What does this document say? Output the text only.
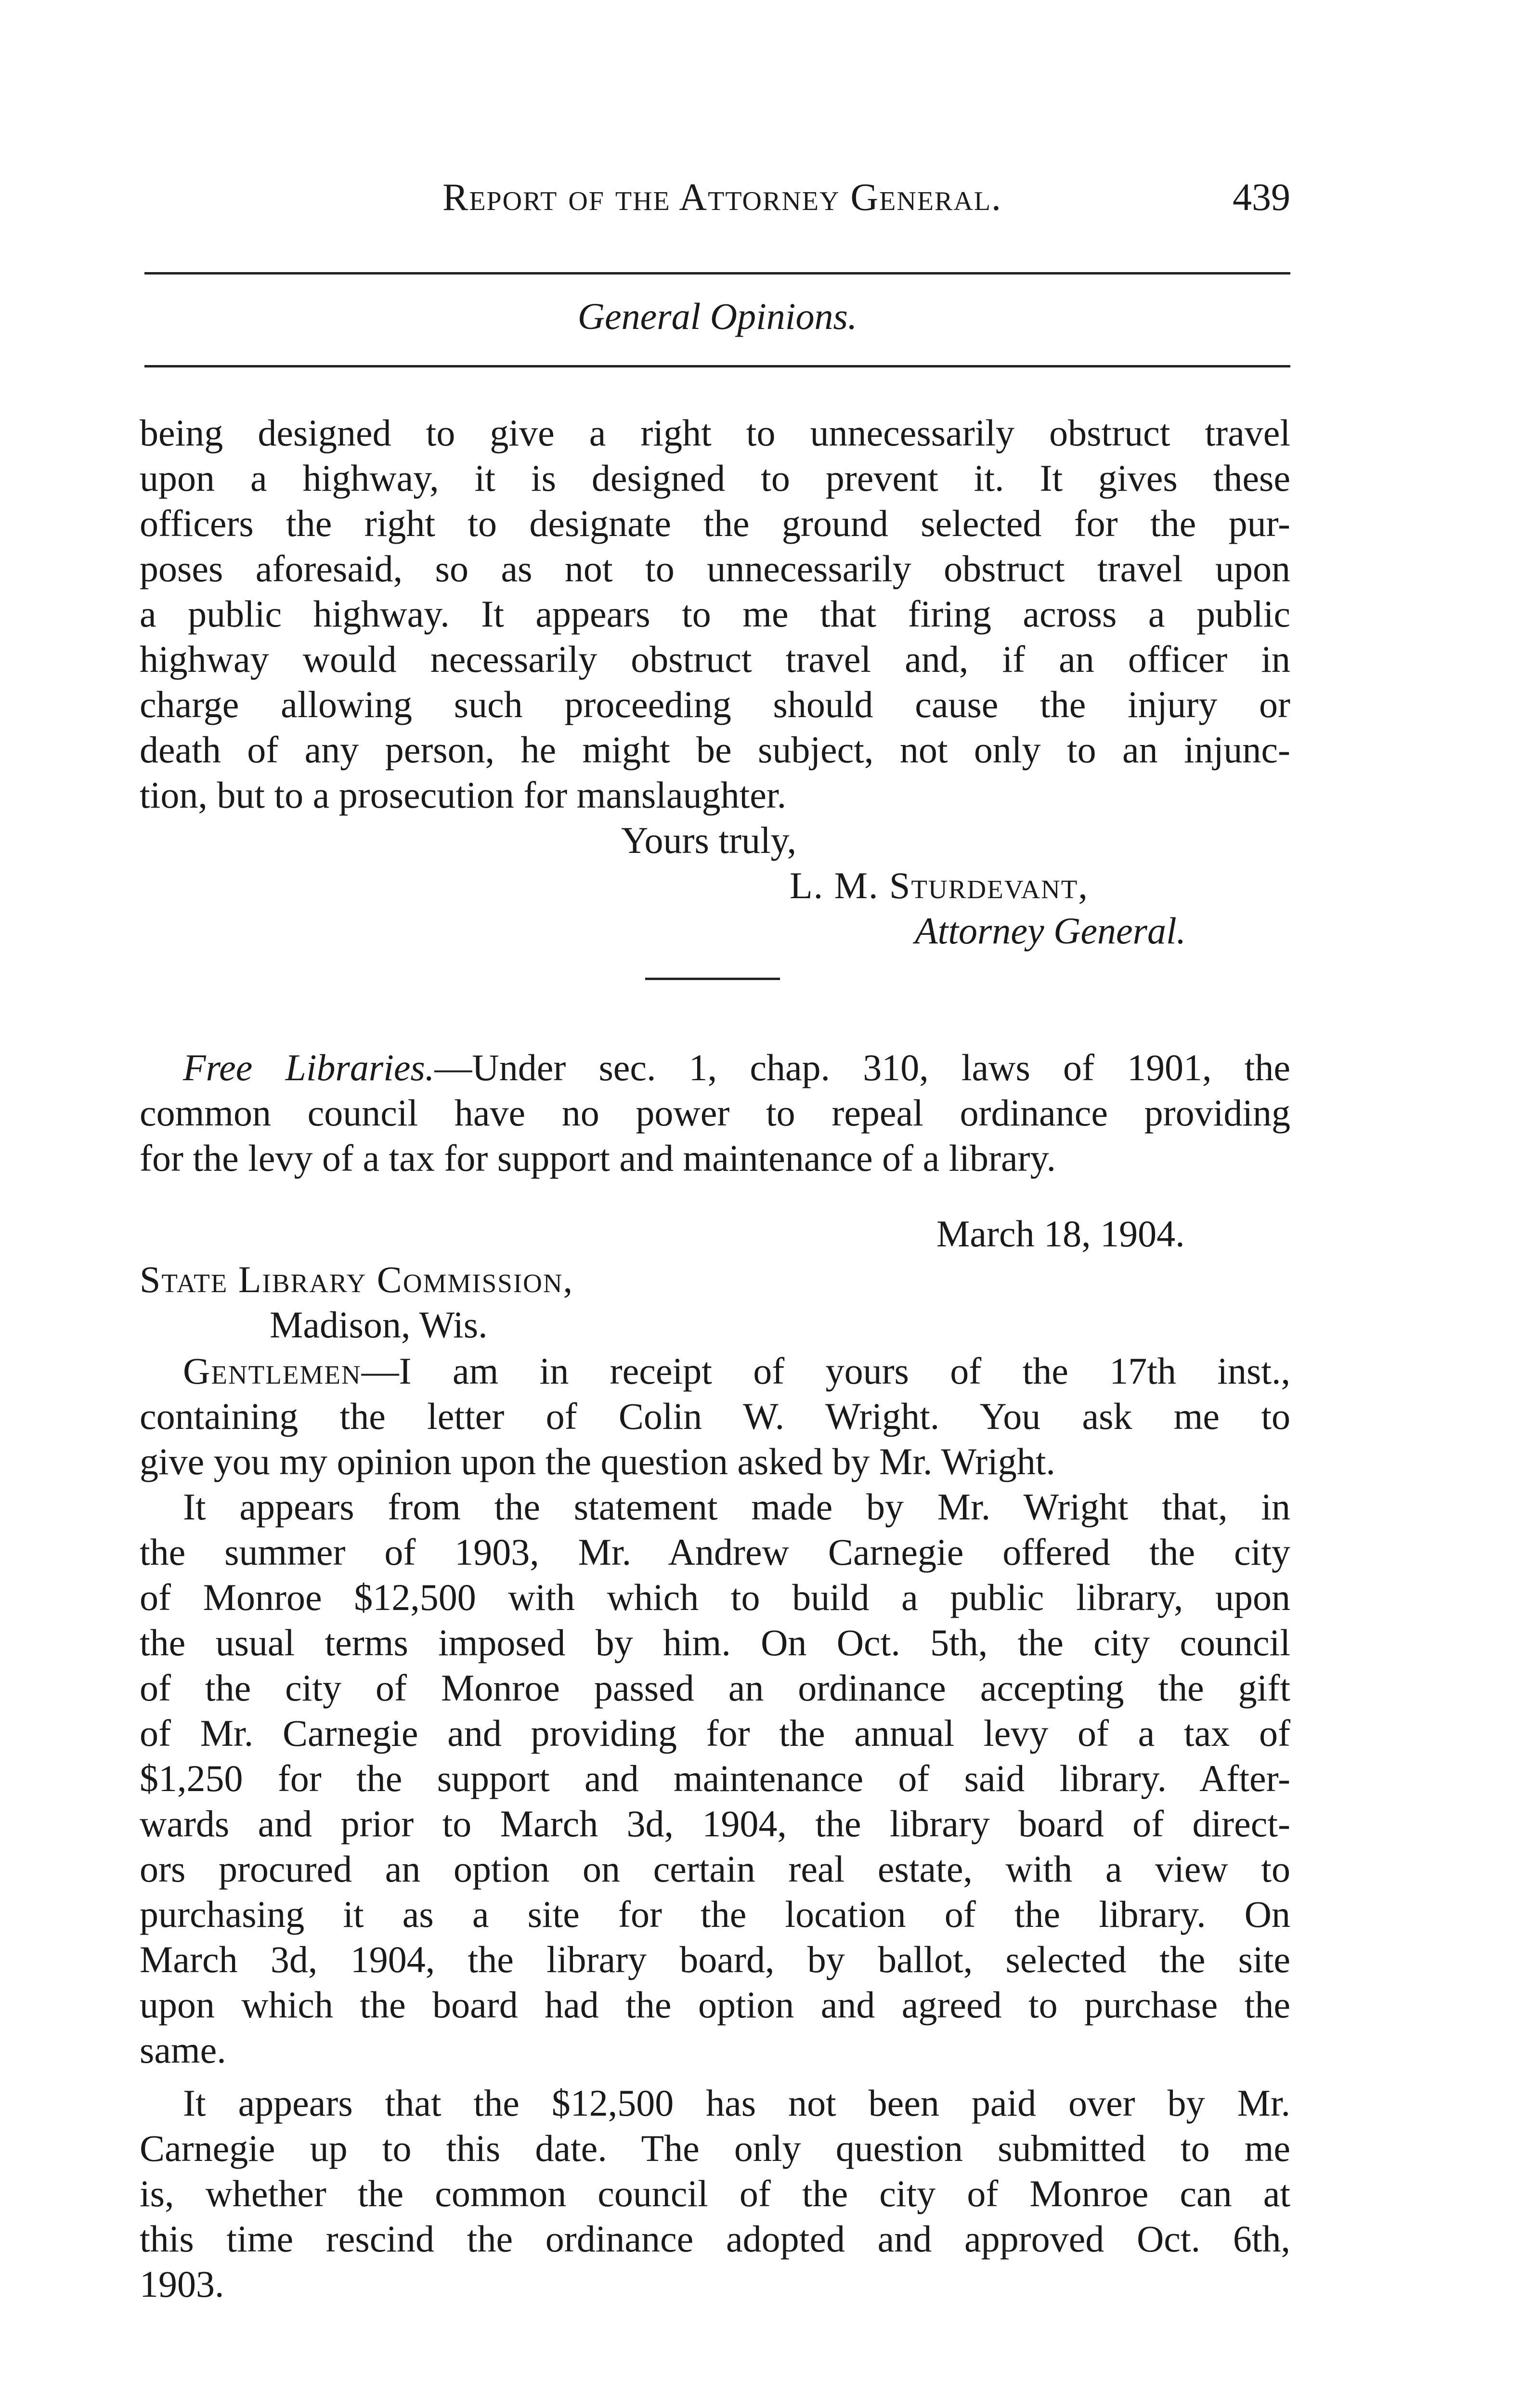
Report of the Attorney General.	439
General Opinions.
being designed to give a right to unnecessarily obstruct travel
upon a highway, it is designed to prevent it. It gives these
officers the right to designate the ground selected for the pur-
poses aforesaid, so as not to unnecessarily obstruct travel upon
a public highway. It appears to me that firing across a public
highway would necessarily obstruct travel and, if an officer in
charge allowing such proceeding should cause the injury or
death of any person, he might be subject, not only to an injunc-
tion, but to a prosecution for manslaughter.
Yours truly,
L. M. Sturdevant,
Attorney General.
Free Libraries.—Under sec. 1, chap. 310, laws of 1901, the
common council have no power to repeal ordinance providing
for the levy of a tax for support and maintenance of a library.
March 18, 1904.
State Library Commission,
Madison, Wis.
Gentlemen—I am in receipt of yours of the 17th inst.,
containing the letter of Colin W. Wright. You ask me to
give you my opinion upon the question asked by Mr. Wright.
It appears from the statement made by Mr. Wright that, in
the summer of 1903, Mr. Andrew Carnegie offered the city
of Monroe $12,500 with which to build a public library, upon
the usual terms imposed by him. On Oct. 5th, the city council
of the city of Monroe passed an ordinance accepting the gift
of Mr. Carnegie and providing for the annual levy of a tax of
$1,250 for the support and maintenance of said library. After-
wards and prior to March 3d, 1904, the library board of direct-
ors procured an option on certain real estate, with a view to
purchasing it as a site for the location of the library. On
March 3d, 1904, the library board, by ballot, selected the site
upon which the board had the option and agreed to purchase the
same.
It appears that the $12,500 has not been paid over by Mr.
Carnegie up to this date. The only question submitted to me
is, whether the common council of the city of Monroe can at
this time rescind the ordinance adopted and approved Oct. 6th,
1903.
